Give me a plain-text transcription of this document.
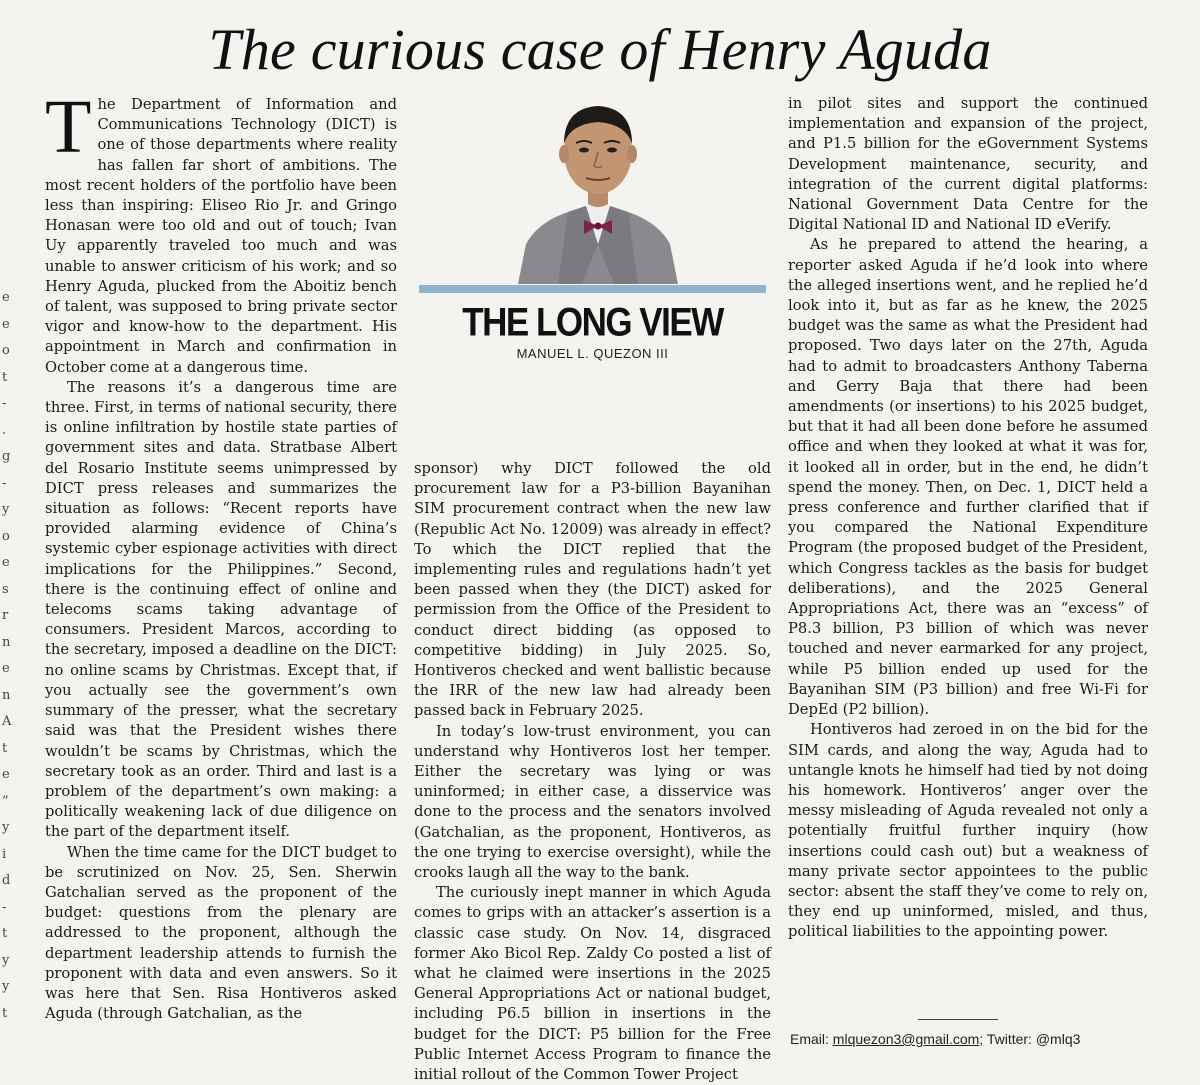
The curious case of Henry Aguda
e
e
o
t
-
.
g
-
y
o
e
s
r
n
e
n
A
t
e
”
y
i
d
-
t
y
y
t

The Department of Information and Communications Technology (DICT) is one of those departments where reality has fallen far short of ambitions. The most recent holders of the portfolio have been less than inspiring: Eliseo Rio Jr. and Gringo Honasan were too old and out of touch; Ivan Uy apparently traveled too much and was unable to answer criticism of his work; and so Henry Aguda, plucked from the Aboitiz bench of talent, was supposed to bring private sector vigor and know-how to the department. His appointment in March and confirmation in October come at a dangerous time.

The reasons it’s a dangerous time are three. First, in terms of national security, there is online infiltration by hostile state parties of government sites and data. Stratbase Albert del Rosario Institute seems unimpressed by DICT press releases and summarizes the situation as follows: “Recent reports have provided alarming evidence of China’s systemic cyber espionage activities with direct implications for the Philippines.” Second, there is the continuing effect of online and telecoms scams taking advantage of consumers. President Marcos, according to the secretary, imposed a deadline on the DICT: no online scams by Christmas. Except that, if you actually see the government’s own summary of the presser, what the secretary said was that the President wishes there wouldn’t be scams by Christmas, which the secretary took as an order. Third and last is a problem of the department’s own making: a politically weakening lack of due diligence on the part of the department itself.

When the time came for the DICT budget to be scrutinized on Nov. 25, Sen. Sherwin Gatchalian served as the proponent of the budget: questions from the plenary are addressed to the proponent, although the department leadership attends to furnish the proponent with data and even answers. So it was here that Sen. Risa Hontiveros asked Aguda (through Gatchalian, as the

THE LONG VIEW
MANUEL L. QUEZON III

sponsor) why DICT followed the old procurement law for a P3-billion Bayanihan SIM procurement contract when the new law (Republic Act No. 12009) was already in effect? To which the DICT replied that the implementing rules and regulations hadn’t yet been passed when they (the DICT) asked for permission from the Office of the President to conduct direct bidding (as opposed to competitive bidding) in July 2025. So, Hontiveros checked and went ballistic because the IRR of the new law had already been passed back in February 2025.

In today’s low-trust environment, you can understand why Hontiveros lost her temper. Either the secretary was lying or was uninformed; in either case, a disservice was done to the process and the senators involved (Gatchalian, as the proponent, Hontiveros, as the one trying to exercise oversight), while the crooks laugh all the way to the bank.

The curiously inept manner in which Aguda comes to grips with an attacker’s assertion is a classic case study. On Nov. 14, disgraced former Ako Bicol Rep. Zaldy Co posted a list of what he claimed were insertions in the 2025 General Appropriations Act or national budget, including P6.5 billion in insertions in the budget for the DICT: P5 billion for the Free Public Internet Access Program to finance the initial rollout of the Common Tower Project

in pilot sites and support the continued implementation and expansion of the project, and P1.5 billion for the eGovernment Systems Development maintenance, security, and integration of the current digital platforms: National Government Data Centre for the Digital National ID and National ID eVerify.

As he prepared to attend the hearing, a reporter asked Aguda if he’d look into where the alleged insertions went, and he replied he’d look into it, but as far as he knew, the 2025 budget was the same as what the President had proposed. Two days later on the 27th, Aguda had to admit to broadcasters Anthony Taberna and Gerry Baja that there had been amendments (or insertions) to his 2025 budget, but that it had all been done before he assumed office and when they looked at what it was for, it looked all in order, but in the end, he didn’t spend the money. Then, on Dec. 1, DICT held a press conference and further clarified that if you compared the National Expenditure Program (the proposed budget of the President, which Congress tackles as the basis for budget deliberations), and the 2025 General Appropriations Act, there was an “excess” of P8.3 billion, P3 billion of which was never touched and never earmarked for any project, while P5 billion ended up used for the Bayanihan SIM (P3 billion) and free Wi-Fi for DepEd (P2 billion).

Hontiveros had zeroed in on the bid for the SIM cards, and along the way, Aguda had to untangle knots he himself had tied by not doing his homework. Hontiveros’ anger over the messy misleading of Aguda revealed not only a potentially fruitful further inquiry (how insertions could cash out) but a weakness of many private sector appointees to the public sector: absent the staff they’ve come to rely on, they end up uninformed, misled, and thus, political liabilities to the appointing power.

Email: mlquezon3@gmail.com; Twitter: @mlq3
